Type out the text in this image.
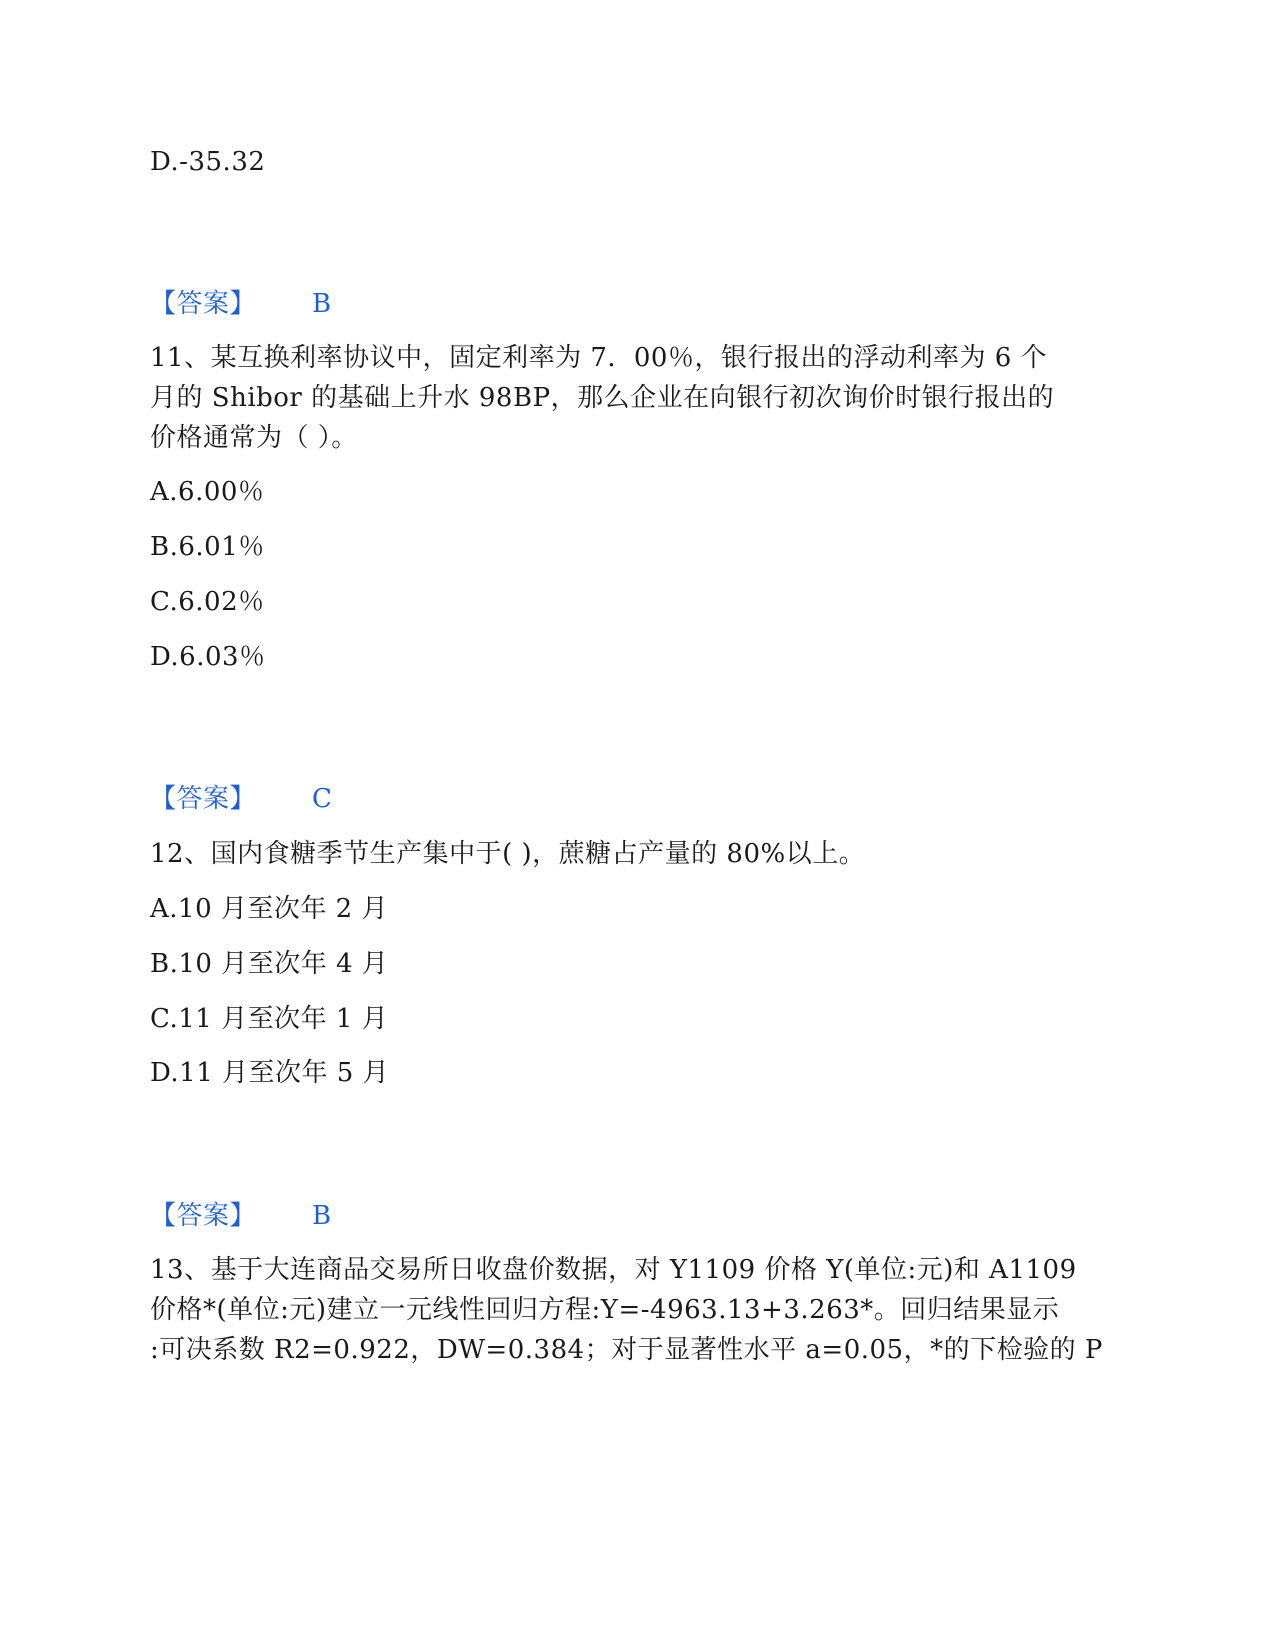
D.-35.32
【答案】 B
11、某互换利率协议中，固定利率为 7．00％，银行报出的浮动利率为 6 个
月的 Shibor 的基础上升水 98BP，那么企业在向银行初次询价时银行报出的
价格通常为（ ）。
A.6.00％
B.6.01％
C.6.02％
D.6.03％
【答案】 C
12、国内食糖季节生产集中于( )，蔗糖占产量的 80%以上。
A.10 月至次年 2 月
B.10 月至次年 4 月
C.11 月至次年 1 月
D.11 月至次年 5 月
【答案】 B
13、基于大连商品交易所日收盘价数据，对 Y1109 价格 Y(单位:元)和 A1109
价格*(单位:元)建立一元线性回归方程:Y=-4963.13+3.263*。回归结果显示
:可决系数 R2=0.922，DW=0.384；对于显著性水平 a=0.05，*的下检验的 P
